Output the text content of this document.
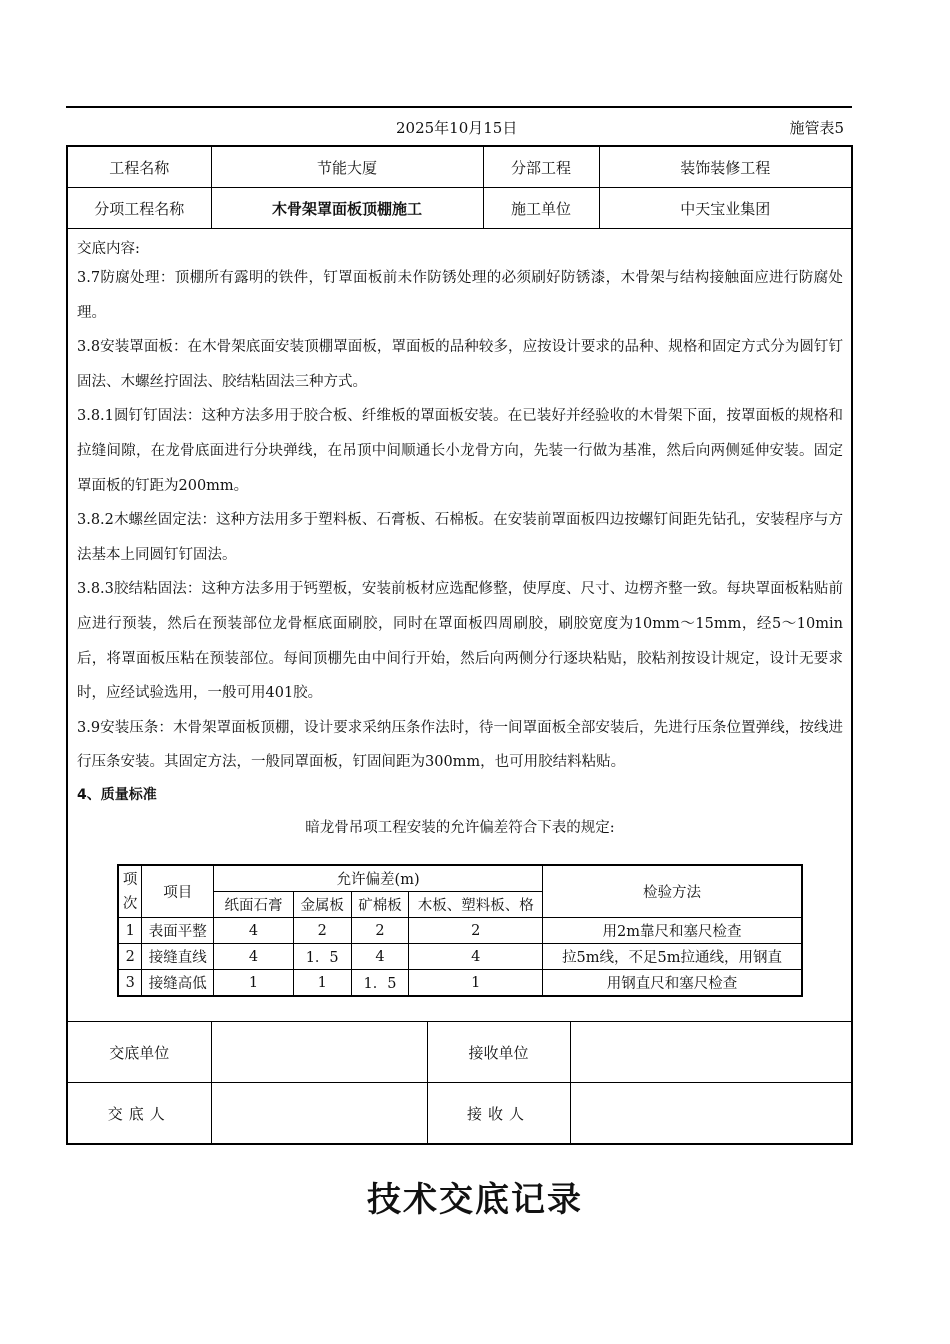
2025年10月15日	施管表5
工程名称	节能大厦	分部工程	装饰装修工程
分项工程名称	木骨架罩面板顶棚施工	施工单位	中天宝业集团

交底内容:

3.7防腐处理：顶棚所有露明的铁件，钉罩面板前未作防锈处理的必须刷好防锈漆，木骨架与结构接触面应进行防腐处理。

3.8安装罩面板：在木骨架底面安装顶棚罩面板，罩面板的品种较多，应按设计要求的品种、规格和固定方式分为圆钉钉固法、木螺丝拧固法、胶结粘固法三种方式。

3.8.1圆钉钉固法：这种方法多用于胶合板、纤维板的罩面板安装。在已装好并经验收的木骨架下面，按罩面板的规格和拉缝间隙，在龙骨底面进行分块弹线，在吊顶中间顺通长小龙骨方向，先装一行做为基准，然后向两侧延伸安装。固定罩面板的钉距为200mm。

3.8.2木螺丝固定法：这种方法用多于塑料板、石膏板、石棉板。在安装前罩面板四边按螺钉间距先钻孔，安装程序与方法基本上同圆钉钉固法。

3.8.3胶结粘固法：这种方法多用于钙塑板，安装前板材应选配修整，使厚度、尺寸、边楞齐整一致。每块罩面板粘贴前应进行预装，然后在预装部位龙骨框底面刷胶，同时在罩面板四周刷胶，刷胶宽度为10mm～15mm，经5～10min后，将罩面板压粘在预装部位。每间顶棚先由中间行开始，然后向两侧分行逐块粘贴，胶粘剂按设计规定，设计无要求时，应经试验选用，一般可用401胶。

3.9安装压条：木骨架罩面板顶棚，设计要求采纳压条作法时，待一间罩面板全部安装后，先进行压条位置弹线，按线进行压条安装。其固定方法，一般同罩面板，钉固间距为300mm，也可用胶结料粘贴。

4、质量标准
暗龙骨吊项工程安装的允许偏差符合下表的规定:
项次	项目	允许偏差(m)				检验方法
		纸面石膏	金属板	矿棉板	木板、塑料板、格	
1	表面平整	4	2	2	2	用2m靠尺和塞尺检查
2	接缝直线	4	1．5	4	4	拉5m线，不足5m拉通线，用钢直
3	接缝高低	1	1	1．5	1	用钢直尺和塞尺检查
交底单位		接收单位	
交底人		接收人	
技术交底记录
